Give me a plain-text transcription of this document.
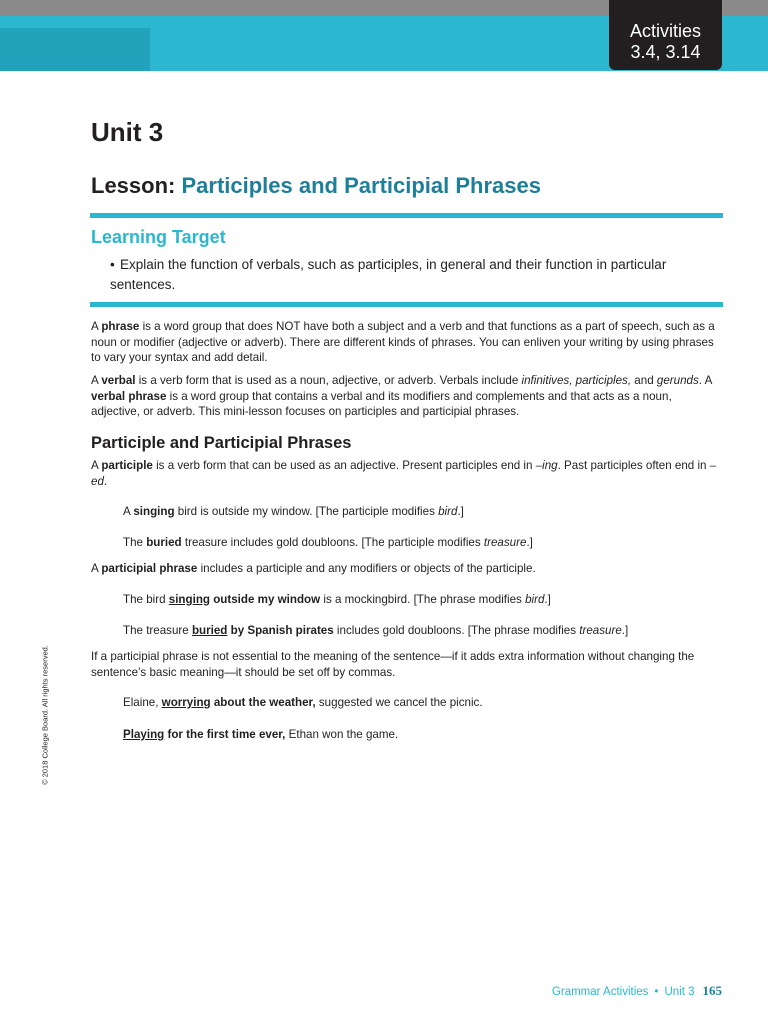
Activities
3.4, 3.14
Unit 3
Lesson: Participles and Participial Phrases
Learning Target
• Explain the function of verbals, such as participles, in general and their function in particular sentences.
A phrase is a word group that does NOT have both a subject and a verb and that functions as a part of speech, such as a noun or modifier (adjective or adverb). There are different kinds of phrases. You can enliven your writing by using phrases to vary your syntax and add detail.
A verbal is a verb form that is used as a noun, adjective, or adverb. Verbals include infinitives, participles, and gerunds. A verbal phrase is a word group that contains a verbal and its modifiers and complements and that acts as a noun, adjective, or adverb. This mini-lesson focuses on participles and participial phrases.
Participle and Participial Phrases
A participle is a verb form that can be used as an adjective. Present participles end in –ing. Past participles often end in –ed.
A singing bird is outside my window. [The participle modifies bird.]
The buried treasure includes gold doubloons. [The participle modifies treasure.]
A participial phrase includes a participle and any modifiers or objects of the participle.
The bird singing outside my window is a mockingbird. [The phrase modifies bird.]
The treasure buried by Spanish pirates includes gold doubloons. [The phrase modifies treasure.]
If a participial phrase is not essential to the meaning of the sentence—if it adds extra information without changing the sentence’s basic meaning—it should be set off by commas.
Elaine, worrying about the weather, suggested we cancel the picnic.
Playing for the first time ever, Ethan won the game.
© 2018 College Board. All rights reserved.
Grammar Activities • Unit 3 165
